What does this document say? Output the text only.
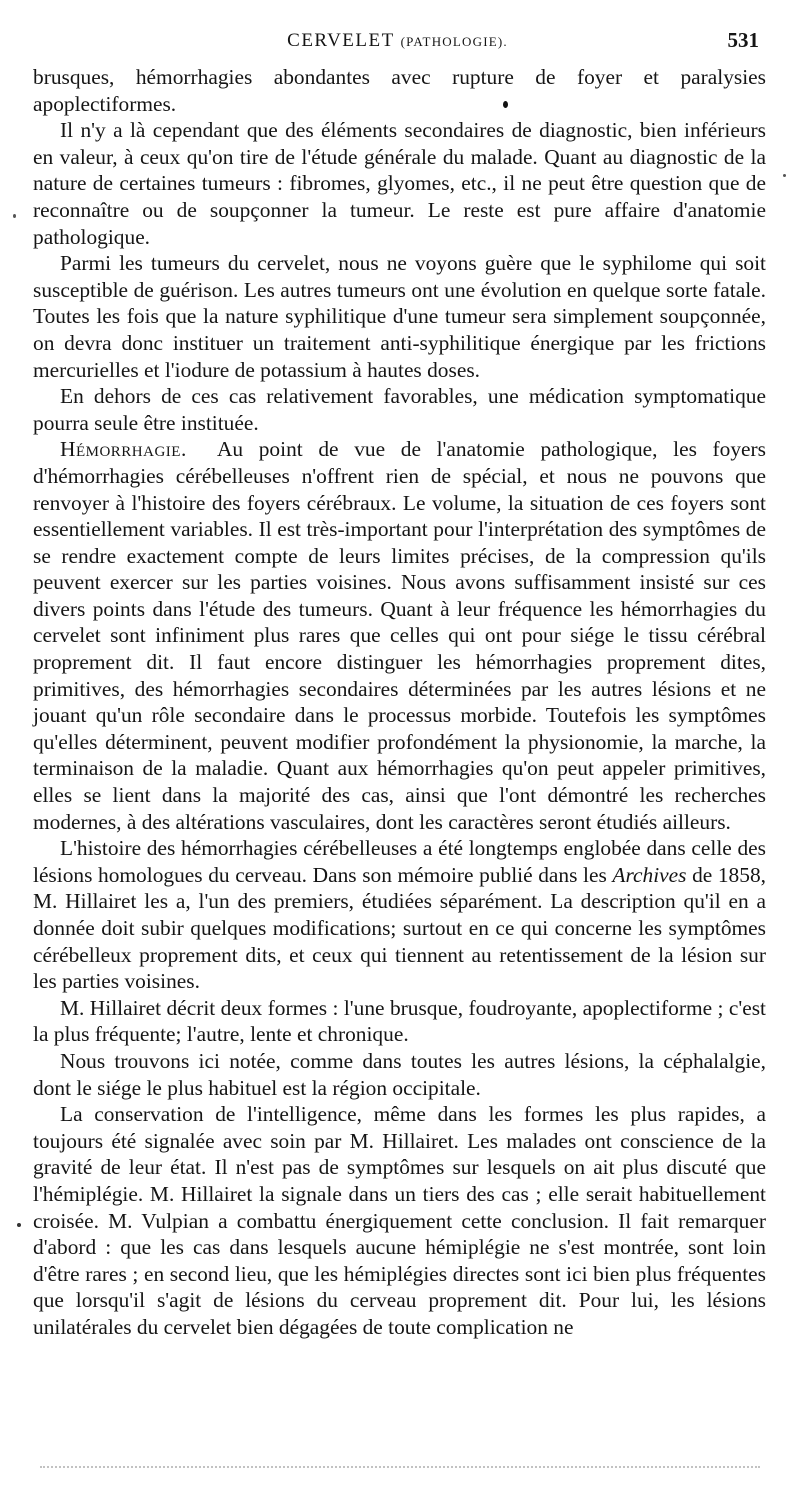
CERVELET (PATHOLOGIE).	531

brusques, hémorrhagies abondantes avec rupture de foyer et paralysies apoplectiformes.

Il n'y a là cependant que des éléments secondaires de diagnostic, bien inférieurs en valeur, à ceux qu'on tire de l'étude générale du malade. Quant au diagnostic de la nature de certaines tumeurs : fibromes, glyomes, etc., il ne peut être question que de reconnaître ou de soupçonner la tumeur. Le reste est pure affaire d'anatomie pathologique.

Parmi les tumeurs du cervelet, nous ne voyons guère que le syphilome qui soit susceptible de guérison. Les autres tumeurs ont une évolution en quelque sorte fatale. Toutes les fois que la nature syphilitique d'une tumeur sera simplement soupçonnée, on devra donc instituer un traitement anti-syphilitique énergique par les frictions mercurielles et l'iodure de potassium à hautes doses.

En dehors de ces cas relativement favorables, une médication symptomatique pourra seule être instituée.

Hémorrhagie. Au point de vue de l'anatomie pathologique, les foyers d'hémorrhagies cérébelleuses n'offrent rien de spécial, et nous ne pouvons que renvoyer à l'histoire des foyers cérébraux. Le volume, la situation de ces foyers sont essentiellement variables. Il est très-important pour l'interprétation des symptômes de se rendre exactement compte de leurs limites précises, de la compression qu'ils peuvent exercer sur les parties voisines. Nous avons suffisamment insisté sur ces divers points dans l'étude des tumeurs. Quant à leur fréquence les hémorrhagies du cervelet sont infiniment plus rares que celles qui ont pour siége le tissu cérébral proprement dit. Il faut encore distinguer les hémorrhagies proprement dites, primitives, des hémorrhagies secondaires déterminées par les autres lésions et ne jouant qu'un rôle secondaire dans le processus morbide. Toutefois les symptômes qu'elles déterminent, peuvent modifier profondément la physionomie, la marche, la terminaison de la maladie. Quant aux hémorrhagies qu'on peut appeler primitives, elles se lient dans la majorité des cas, ainsi que l'ont démontré les recherches modernes, à des altérations vasculaires, dont les caractères seront étudiés ailleurs.

L'histoire des hémorrhagies cérébelleuses a été longtemps englobée dans celle des lésions homologues du cerveau. Dans son mémoire publié dans les Archives de 1858, M. Hillairet les a, l'un des premiers, étudiées séparément. La description qu'il en a donnée doit subir quelques modifications; surtout en ce qui concerne les symptômes cérébelleux proprement dits, et ceux qui tiennent au retentissement de la lésion sur les parties voisines.

M. Hillairet décrit deux formes : l'une brusque, foudroyante, apoplectiforme ; c'est la plus fréquente; l'autre, lente et chronique.

Nous trouvons ici notée, comme dans toutes les autres lésions, la céphalalgie, dont le siége le plus habituel est la région occipitale.

La conservation de l'intelligence, même dans les formes les plus rapides, a toujours été signalée avec soin par M. Hillairet. Les malades ont conscience de la gravité de leur état. Il n'est pas de symptômes sur lesquels on ait plus discuté que l'hémiplégie. M. Hillairet la signale dans un tiers des cas ; elle serait habituellement croisée. M. Vulpian a combattu énergiquement cette conclusion. Il fait remarquer d'abord : que les cas dans lesquels aucune hémiplégie ne s'est montrée, sont loin d'être rares ; en second lieu, que les hémiplégies directes sont ici bien plus fréquentes que lorsqu'il s'agit de lésions du cerveau proprement dit. Pour lui, les lésions unilatérales du cervelet bien dégagées de toute complication ne
